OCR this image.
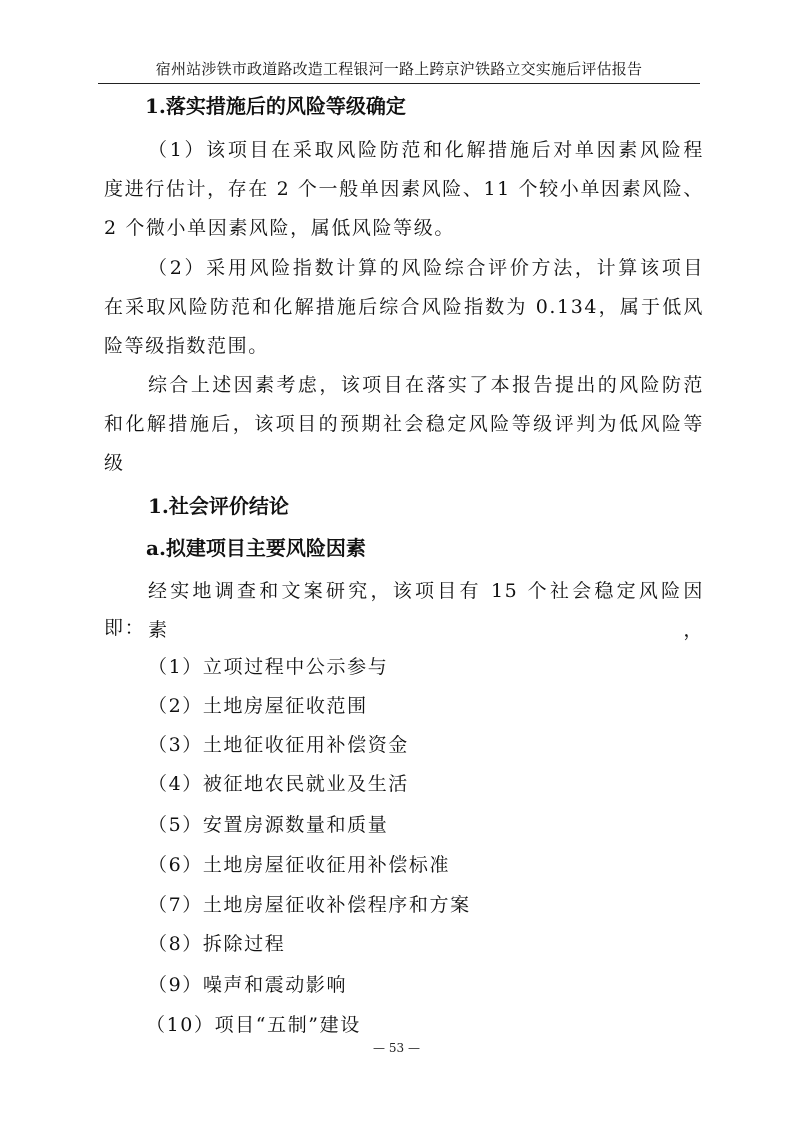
宿州站涉铁市政道路改造工程银河一路上跨京沪铁路立交实施后评估报告
1.落实措施后的风险等级确定
（1）该项目在采取风险防范和化解措施后对单因素风险程
度进行估计，存在 2 个一般单因素风险、11 个较小单因素风险、
2 个微小单因素风险，属低风险等级。
（2）采用风险指数计算的风险综合评价方法，计算该项目
在采取风险防范和化解措施后综合风险指数为 0.134，属于低风
险等级指数范围。
综合上述因素考虑，该项目在落实了本报告提出的风险防范
和化解措施后，该项目的预期社会稳定风险等级评判为低风险等
级
1.社会评价结论
a.拟建项目主要风险因素
经实地调查和文案研究，该项目有 15 个社会稳定风险因素，
即：
（1）立项过程中公示参与
（2）土地房屋征收范围
（3）土地征收征用补偿资金
（4）被征地农民就业及生活
（5）安置房源数量和质量
（6）土地房屋征收征用补偿标准
（7）土地房屋征收补偿程序和方案
（8）拆除过程
（9）噪声和震动影响
（10）项目“五制”建设
— 53 —
